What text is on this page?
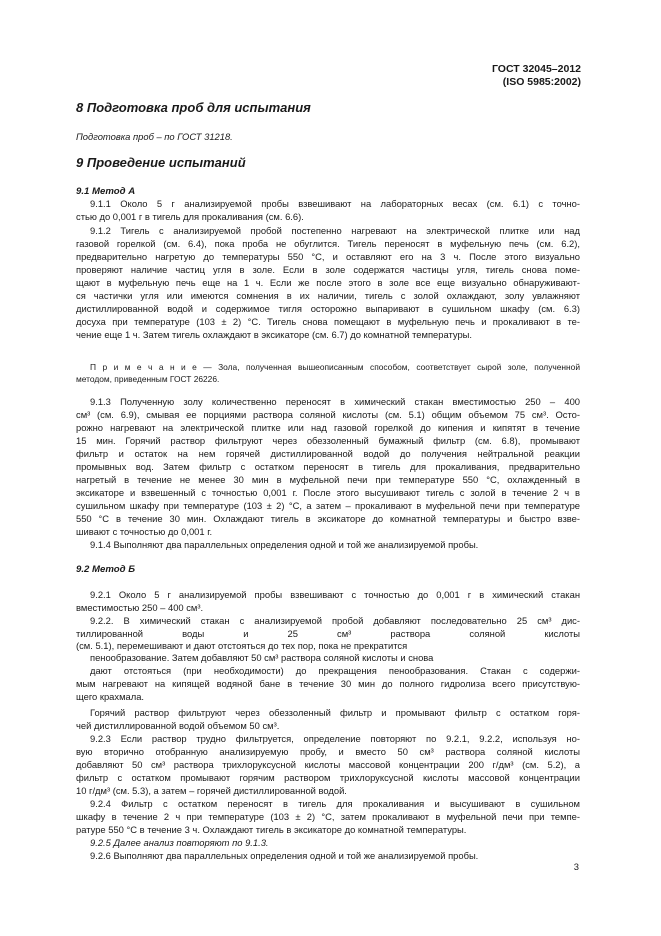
ГОСТ 32045–2012
(ISO 5985:2002)
8 Подготовка проб для испытания
Подготовка проб – по ГОСТ 31218.
9 Проведение испытаний
9.1 Метод А
9.1.1 Около 5 г анализируемой пробы взвешивают на лабораторных весах (см. 6.1) с точно-
стью до 0,001 г в тигель для прокаливания (см. 6.6).
9.1.2 Тигель с анализируемой пробой постепенно нагревают на электрической плитке или над
газовой горелкой (см. 6.4), пока проба не обуглится. Тигель переносят в муфельную печь (см. 6.2),
предварительно нагретую до температуры 550 °С, и оставляют его на 3 ч. После этого визуально
проверяют наличие частиц угля в золе. Если в золе содержатся частицы угля, тигель снова поме-
щают в муфельную печь еще на 1 ч. Если же после этого в золе все еще визуально обнаруживают-
ся частички угля или имеются сомнения в их наличии, тигель с золой охлаждают, золу увлажняют
дистиллированной водой и содержимое тигля осторожно выпаривают в сушильном шкафу (см. 6.3)
досуха при температуре (103 ± 2) °С. Тигель снова помещают в муфельную печь и прокаливают в те-
чение еще 1 ч. Затем тигель охлаждают в эксикаторе (см. 6.7) до комнатной температуры.
П р и м е ч а н и е — Зола, полученная вышеописанным способом, соответствует сырой золе, полученной
методом, приведенным ГОСТ 26226.
9.1.3 Полученную золу количественно переносят в химический стакан вместимостью 250 – 400
см³ (см. 6.9), смывая ее порциями раствора соляной кислоты (см. 5.1) общим объемом 75 см³. Осто-
рожно нагревают на электрической плитке или над газовой горелкой до кипения и кипятят в течение
15 мин. Горячий раствор фильтруют через обеззоленный бумажный фильтр (см. 6.8), промывают
фильтр и остаток на нем горячей дистиллированной водой до получения нейтральной реакции
промывных вод. Затем фильтр с остатком переносят в тигель для прокаливания, предварительно
нагретый в течение не менее 30 мин в муфельной печи при температуре 550 °С, охлажденный в
эксикаторе и взвешенный с точностью 0,001 г. После этого высушивают тигель с золой в течение 2 ч в
сушильном шкафу при температуре (103 ± 2) °С, а затем – прокаливают в муфельной печи при температуре
550 °С в течение 30 мин. Охлаждают тигель в эксикаторе до комнатной температуры и быстро взве-
шивают с точностью до 0,001 г.
9.1.4 Выполняют два параллельных определения одной и той же анализируемой пробы.
9.2 Метод Б
9.2.1 Около 5 г анализируемой пробы взвешивают с точностью до 0,001 г в химический стакан
вместимостью 250 – 400 см³.
9.2.2. В химический стакан с анализируемой пробой добавляют последовательно 25 см³ дис-
тиллированной воды и 25 см³ раствора соляной кислоты
(см. 5.1), перемешивают и дают отстояться до тех пор, пока не прекратится
пенообразование. Затем добавляют 50 см³ раствора соляной кислоты и снова
дают отстояться (при необходимости) до прекращения пенообразования. Стакан с содержи-
мым нагревают на кипящей водяной бане в течение 30 мин до полного гидролиза всего присутствую-
щего крахмала.
Горячий раствор фильтруют через обеззоленный фильтр и промывают фильтр с остатком горя-
чей дистиллированной водой объемом 50 см³.
9.2.3 Если раствор трудно фильтруется, определение повторяют по 9.2.1, 9.2.2, используя но-
вую вторично отобранную анализируемую пробу, и вместо 50 см³ раствора соляной кислоты
добавляют 50 см³ раствора трихлоруксусной кислоты массовой концентрации 200 г/дм³ (см. 5.2), а
фильтр с остатком промывают горячим раствором трихлоруксусной кислоты массовой концентрации
10 г/дм³ (см. 5.3), а затем – горячей дистиллированной водой.
9.2.4 Фильтр с остатком переносят в тигель для прокаливания и высушивают в сушильном
шкафу в течение 2 ч при температуре (103 ± 2) °С, затем прокаливают в муфельной печи при темпе-
ратуре 550 °С в течение 3 ч. Охлаждают тигель в эксикаторе до комнатной температуры.
9.2.5 Далее анализ повторяют по 9.1.3.
9.2.6 Выполняют два параллельных определения одной и той же анализируемой пробы.
3
